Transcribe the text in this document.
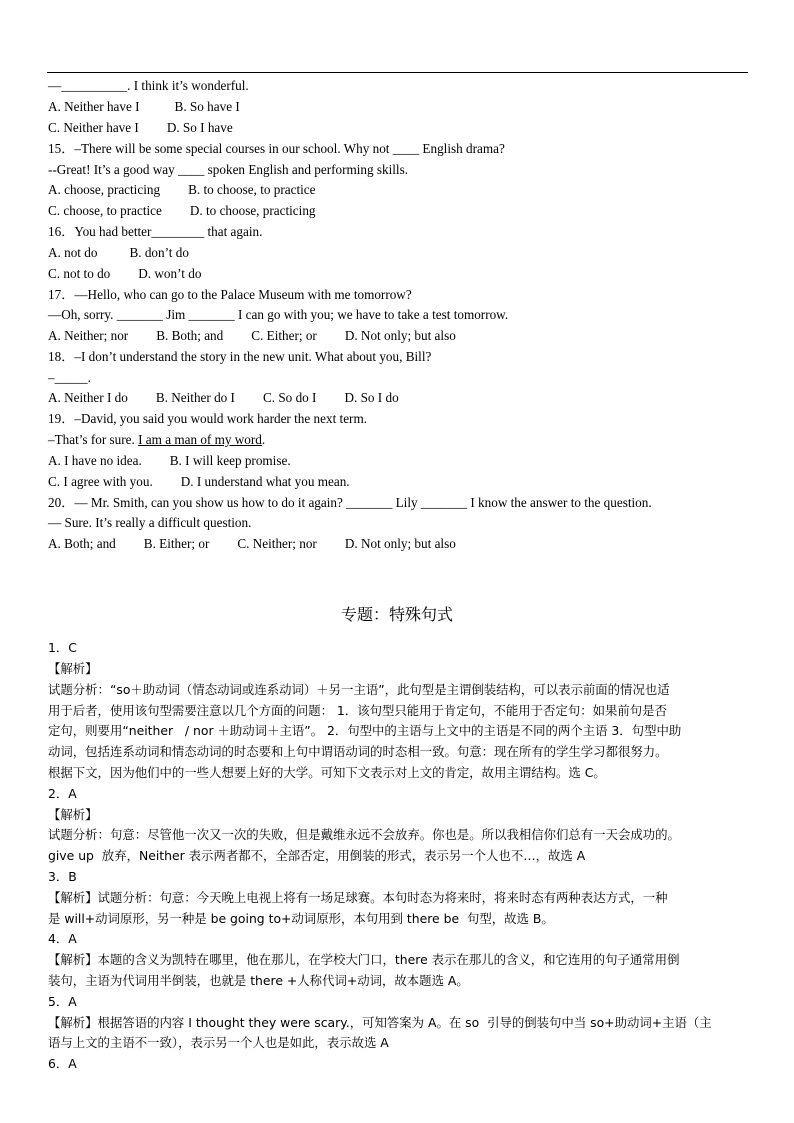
—__________. I think it’s wonderful.
A. Neither have I	B. So have I
C. Neither have I D. So I have
15．–There will be some special courses in our school. Why not ____ English drama?
--Great! It’s a good way ____ spoken English and performing skills.
A. choose, practicing B. to choose, to practice
C. choose, to practice D. to choose, practicing
16．You had better________ that again.
A. not do B. don’t do
C. not to do D. won’t do
17．—Hello, who can go to the Palace Museum with me tomorrow?
—Oh, sorry. _______ Jim _______ I can go with you; we have to take a test tomorrow.
A. Neither; nor B. Both; and C. Either; or D. Not only; but also
18．–I don’t understand the story in the new unit. What about you, Bill?
–_____.
A. Neither I do B. Neither do I C. So do I D. So I do
19．–David, you said you would work harder the next term.
–That’s for sure. I am a man of my word.
A. I have no idea. B. I will keep promise.
C. I agree with you. D. I understand what you mean.
20．— Mr. Smith, can you show us how to do it again? _______ Lily _______ I know the answer to the question.
— Sure. It’s really a difficult question.
A. Both; and B. Either; or C. Neither; nor D. Not only; but also
专题：特殊句式
1．C
【解析】
试题分析：“so＋助动词（情态动词或连系动词）＋另一主语”，此句型是主谓倒装结构，可以表示前面的情况也适
用于后者，使用该句型需要注意以几个方面的问题： 1．该句型只能用于肯定句，不能用于否定句：如果前句是否
定句，则要用“neither   / nor ＋助动词＋主语”。 2．句型中的主语与上文中的主语是不同的两个主语 3．句型中助
动词，包括连系动词和情态动词的时态要和上句中谓语动词的时态相一致。句意：现在所有的学生学习都很努力。
根据下文，因为他们中的一些人想要上好的大学。可知下文表示对上文的肯定，故用主谓结构。选 C。
2．A
【解析】
试题分析：句意：尽管他一次又一次的失败，但是戴维永远不会放弃。你也是。所以我相信你们总有一天会成功的。
give up  放弃，Neither 表示两者都不，全部否定，用倒装的形式，表示另一个人也不…，故选 A
3．B
【解析】试题分析：句意：今天晚上电视上将有一场足球赛。本句时态为将来时，将来时态有两种表达方式，一种
是 will+动词原形，另一种是 be going to+动词原形，本句用到 there be  句型，故选 B。
4．A
【解析】本题的含义为凯特在哪里，他在那儿，在学校大门口，there 表示在那儿的含义，和它连用的句子通常用倒
装句，主语为代词用半倒装，也就是 there +人称代词+动词，故本题选 A。
5．A
【解析】根据答语的内容 I thought they were scary.，可知答案为 A。在 so  引导的倒装句中当 so+助动词+主语（主
语与上文的主语不一致），表示另一个人也是如此，表示故选 A
6．A
